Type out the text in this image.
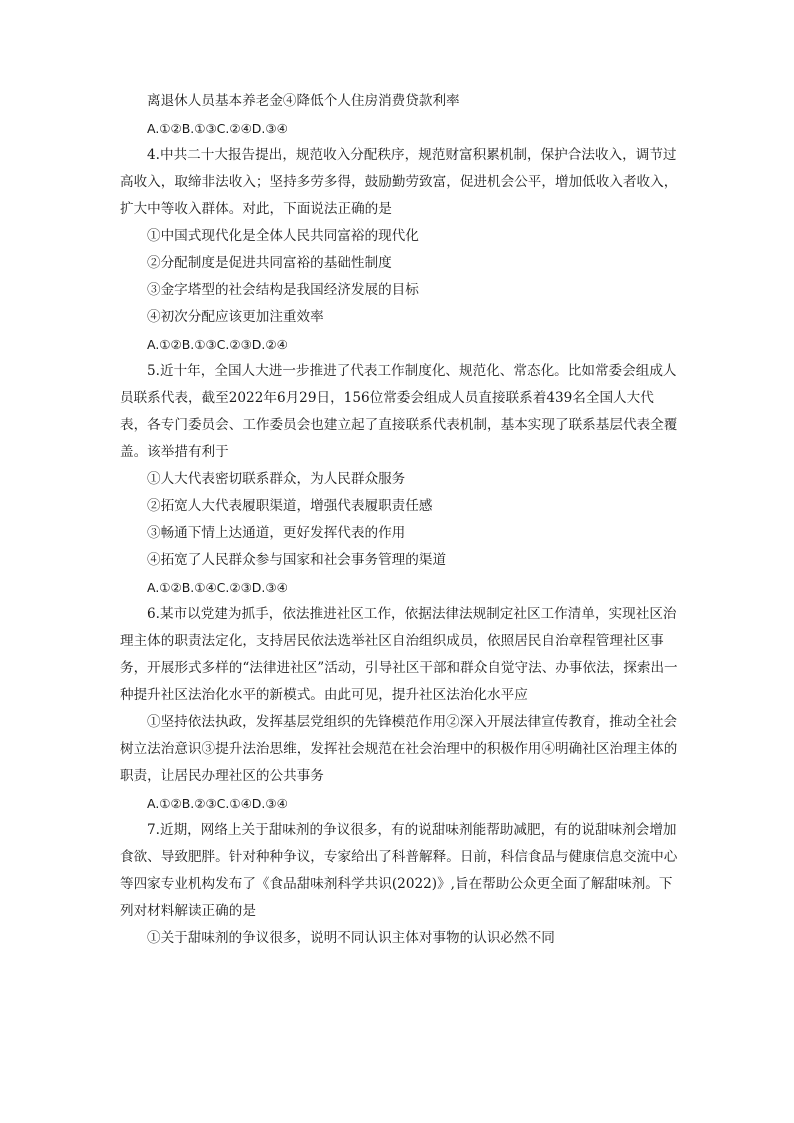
离退休人员基本养老金④降低个人住房消费贷款利率

A.①②B.①③C.②④D.③④

4.中共二十大报告提出，规范收入分配秩序，规范财富积累机制，保护合法收入，调节过高收入，取缔非法收入；坚持多劳多得，鼓励勤劳致富，促进机会公平，增加低收入者收入，扩大中等收入群体。对此，下面说法正确的是

①中国式现代化是全体人民共同富裕的现代化

②分配制度是促进共同富裕的基础性制度

③金字塔型的社会结构是我国经济发展的目标

④初次分配应该更加注重效率

A.①②B.①③C.②③D.②④

5.近十年，全国人大进一步推进了代表工作制度化、规范化、常态化。比如常委会组成人员联系代表，截至2022年6月29日，156位常委会组成人员直接联系着439名全国人大代表，各专门委员会、工作委员会也建立起了直接联系代表机制，基本实现了联系基层代表全覆盖。该举措有利于

①人大代表密切联系群众，为人民群众服务

②拓宽人大代表履职渠道，增强代表履职责任感

③畅通下情上达通道，更好发挥代表的作用

④拓宽了人民群众参与国家和社会事务管理的渠道

A.①②B.①④C.②③D.③④

6.某市以党建为抓手，依法推进社区工作，依据法律法规制定社区工作清单，实现社区治理主体的职责法定化，支持居民依法选举社区自治组织成员，依照居民自治章程管理社区事务，开展形式多样的“法律进社区”活动，引导社区干部和群众自觉守法、办事依法，探索出一种提升社区法治化水平的新模式。由此可见，提升社区法治化水平应

①坚持依法执政，发挥基层党组织的先锋模范作用②深入开展法律宣传教育，推动全社会树立法治意识③提升法治思维，发挥社会规范在社会治理中的积极作用④明确社区治理主体的职责，让居民办理社区的公共事务

A.①②B.②③C.①④D.③④

7.近期，网络上关于甜味剂的争议很多，有的说甜味剂能帮助减肥，有的说甜味剂会增加食欲、导致肥胖。针对种种争议，专家给出了科普解释。日前，科信食品与健康信息交流中心等四家专业机构发布了《食品甜味剂科学共识(2022)》,旨在帮助公众更全面了解甜味剂。下列对材料解读正确的是

①关于甜味剂的争议很多，说明不同认识主体对事物的认识必然不同
